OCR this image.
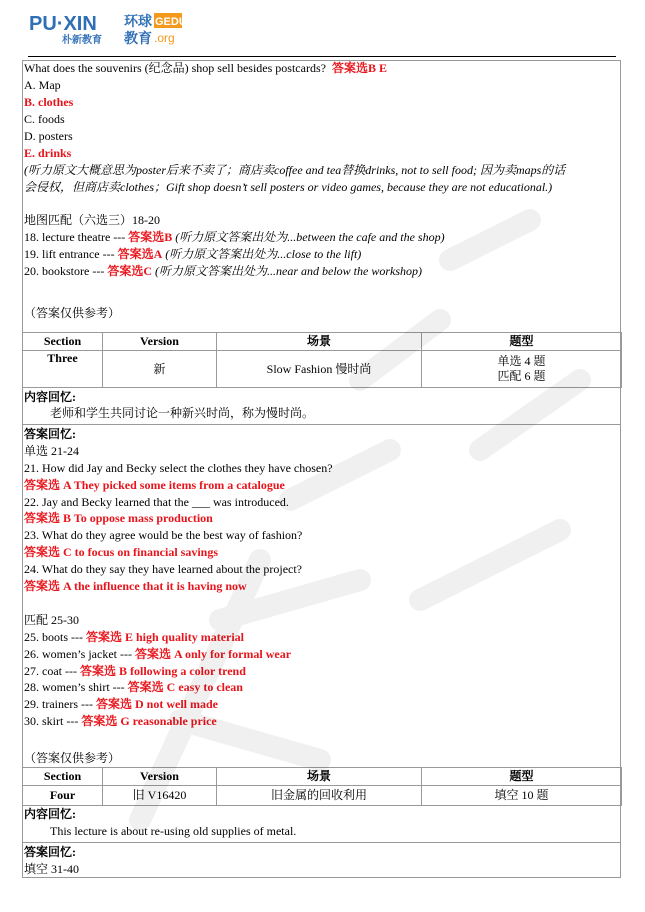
PU·XIN
朴新教育
环球
教育
GEDU
.org
What does the souvenirs (纪念品) shop sell besides postcards? 答案选B E
A. Map
B. clothes
C. foods
D. posters
E. drinks
(听力原文大概意思为poster后来不卖了；商店卖coffee and tea替换drinks, not to sell food; 因为卖maps的话
会侵权，但商店卖clothes；Gift shop doesn’t sell posters or video games, because they are not educational.)
地图匹配（六选三）18-20
18. lecture theatre --- 答案选B (听力原文答案出处为...between the cafe and the shop)
19. lift entrance --- 答案选A (听力原文答案出处为...close to the lift)
20. bookstore --- 答案选C (听力原文答案出处为...near and below the workshop)
（答案仅供参考）
Section	Version	场景	题型
Three	新	Slow Fashion 慢时尚	单选 4 题
匹配 6 题
内容回忆:
老师和学生共同讨论一种新兴时尚，称为慢时尚。
答案回忆:
单选 21-24
21. How did Jay and Becky select the clothes they have chosen?
答案选 A They picked some items from a catalogue
22. Jay and Becky learned that the ___ was introduced.
答案选 B To oppose mass production
23. What do they agree would be the best way of fashion?
答案选 C to focus on financial savings
24. What do they say they have learned about the project?
答案选 A the influence that it is having now
匹配 25-30
25. boots --- 答案选 E high quality material
26. women’s jacket --- 答案选 A only for formal wear
27. coat --- 答案选 B following a color trend
28. women’s shirt --- 答案选 C easy to clean
29. trainers --- 答案选 D not well made
30. skirt --- 答案选 G reasonable price
（答案仅供参考）
Section	Version	场景	题型
Four	旧 V16420	旧金属的回收利用	填空 10 题
内容回忆:
This lecture is about re-using old supplies of metal.
答案回忆:
填空 31-40
